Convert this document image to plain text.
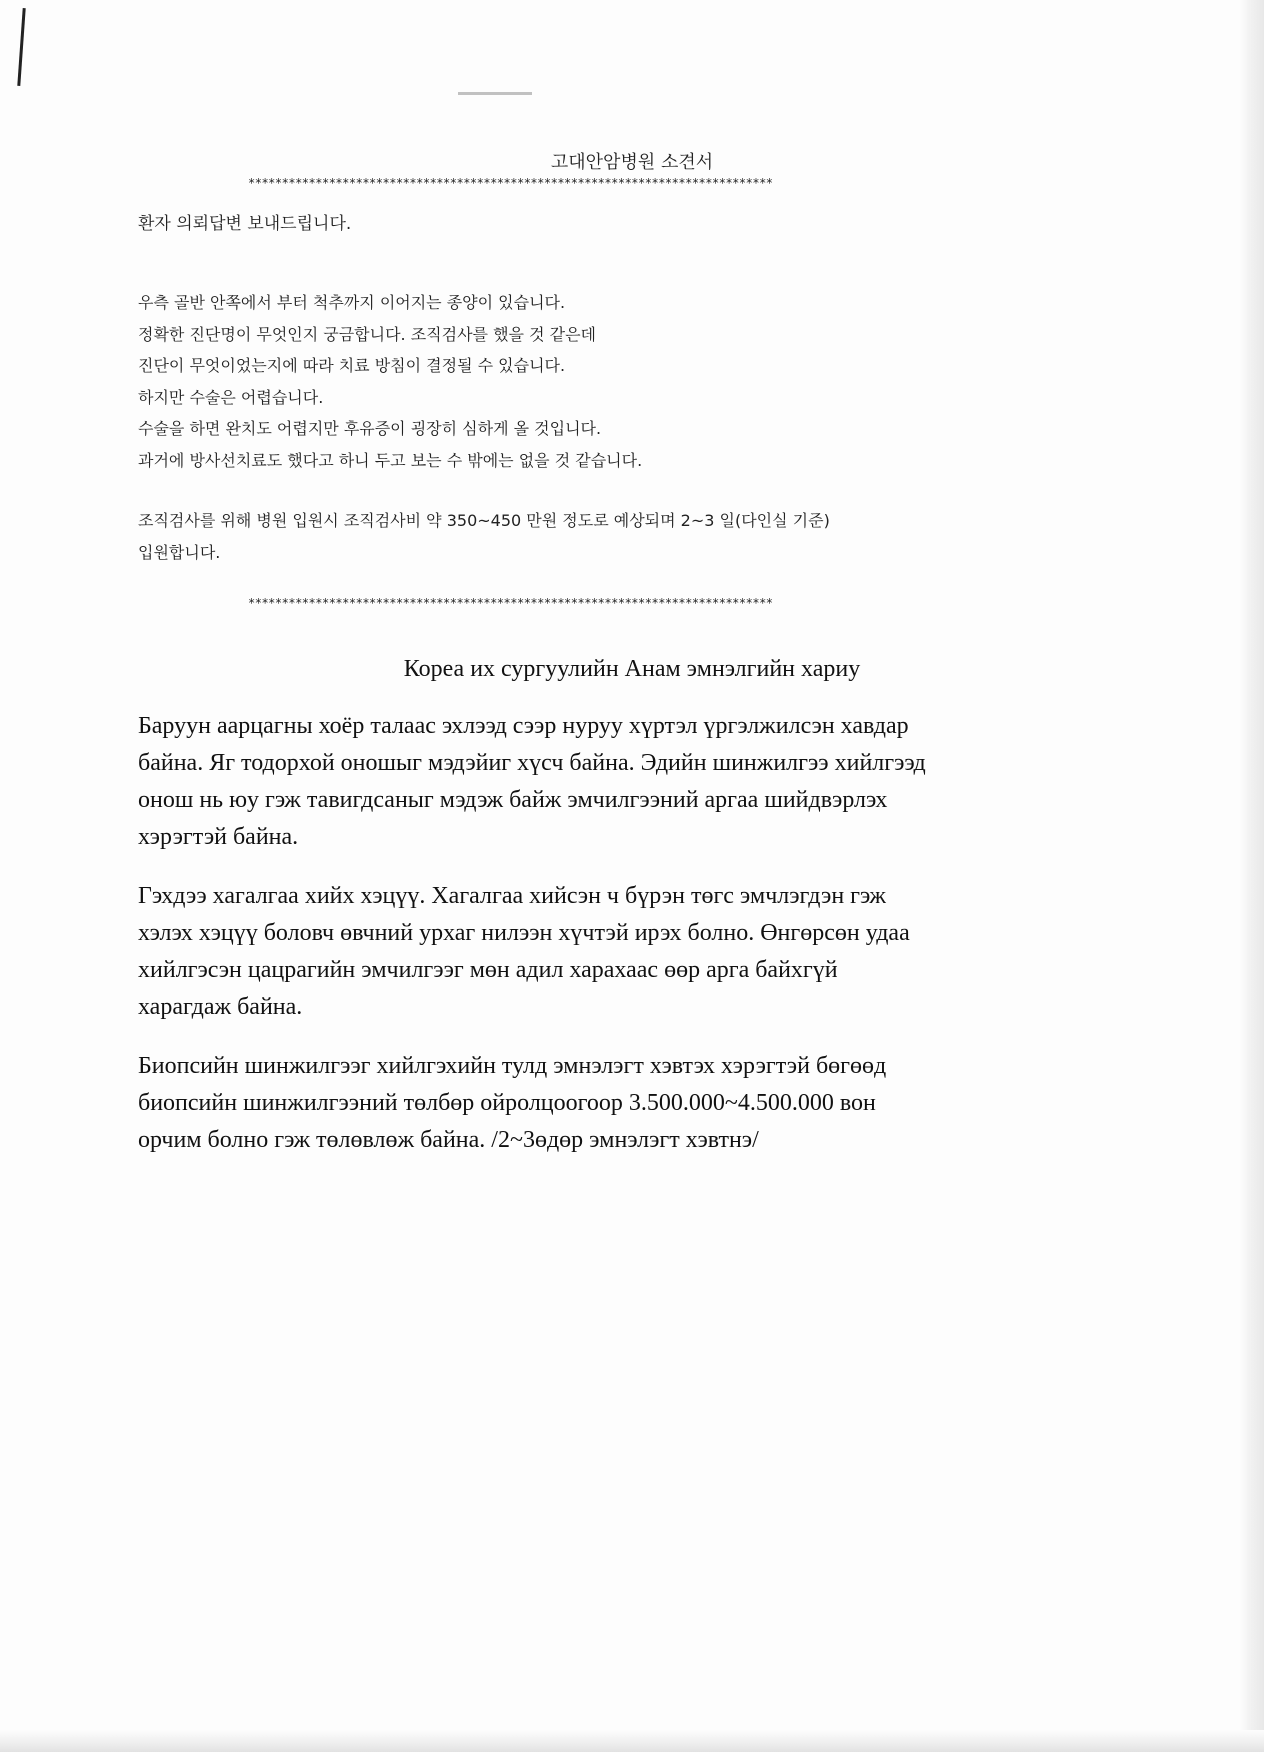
고대안암병원 소견서
******************************************************************************
환자 의뢰답변 보내드립니다.
우측 골반 안쪽에서 부터 척추까지 이어지는 종양이 있습니다.
정확한 진단명이 무엇인지 궁금합니다. 조직검사를 했을 것 같은데
진단이 무엇이었는지에 따라 치료 방침이 결정될 수 있습니다.
하지만 수술은 어렵습니다.
수술을 하면 완치도 어렵지만 후유증이 굉장히 심하게 올 것입니다.
과거에 방사선치료도 했다고 하니 두고 보는 수 밖에는 없을 것 같습니다.
조직검사를 위해 병원 입원시 조직검사비 약 350~450 만원 정도로 예상되며 2~3 일(다인실 기준)
입원합니다.
******************************************************************************
Кореа их сургуулийн Анам эмнэлгийн хариу
Баруун аарцагны хоёр талаас эхлээд сээр нуруу хүртэл үргэлжилсэн хавдар
байна. Яг тодорхой оношыг мэдэйиг хүсч байна. Эдийн шинжилгээ хийлгээд
онош нь юу гэж тавигдсаныг мэдэж байж эмчилгээний аргаа шийдвэрлэх
хэрэгтэй байна.
Гэхдээ хагалгаа хийх хэцүү. Хагалгаа хийсэн ч бүрэн төгс эмчлэгдэн гэж
хэлэх хэцүү боловч өвчний урхаг нилээн хүчтэй ирэх болно. Өнгөрсөн удаа
хийлгэсэн цацрагийн эмчилгээг мөн адил харахаас өөр арга байхгүй
харагдаж байна.
Биопсийн шинжилгээг хийлгэхийн тулд эмнэлэгт хэвтэх хэрэгтэй бөгөөд
биопсийн шинжилгээний төлбөр ойролцоогоор 3.500.000~4.500.000 вон
орчим болно гэж төлөвлөж байна. /2~3өдөр эмнэлэгт хэвтнэ/
